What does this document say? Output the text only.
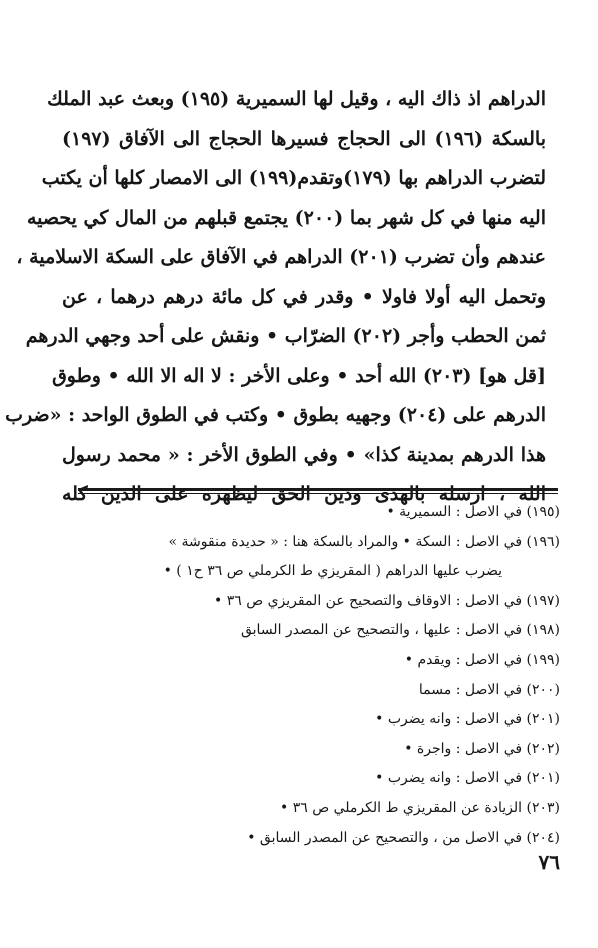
الدراهم اذ ذاك اليه ، وقيل لها السميرية (١٩٥) وبعث عبد الملك
بالسكة (١٩٦) الى الحجاج فسيرها الحجاج الى الآفاق (١٩٧)
لتضرب الدراهم بها (١٧٩)وتقدم(١٩٩) الى الامصار كلها أن يكتب
اليه منها في كل شهر بما (٢٠٠) يجتمع قبلهم من المال كي يحصيه
عندهم وأن تضرب (٢٠١) الدراهم في الآفاق على السكة الاسلامية ،
وتحمل اليه أولا فاولا • وقدر في كل مائة درهم درهما ، عن
ثمن الحطب وأجر (٢٠٢) الضرّاب • ونقش على أحد وجهي الدرهم
[قل هو] (٢٠٣) الله أحد • وعلى الأخر : لا اله الا الله • وطوق
الدرهم على (٢٠٤) وجهيه بطوق • وكتب في الطوق الواحد : «ضرب
هذا الدرهم بمدينة كذا» • وفي الطوق الأخر : « محمد رسول
الله ، ارسله بالهدى ودين الحق ليظهره على الدين كله
(١٩٥) في الاصل : السميرية •
(١٩٦) في الاصل : السكة • والمراد بالسكة هنا : « حديدة منقوشة »
يضرب عليها الدراهم ( المقريزي ط الكرملي ص ٣٦ ح١ ) •
(١٩٧) في الاصل : الاوقاف والتصحيح عن المقريزي ص ٣٦ •
(١٩٨) في الاصل : عليها ، والتصحيح عن المصدر السابق
(١٩٩) في الاصل : ويقدم •
(٢٠٠) في الاصل : مسما
(٢٠١) في الاصل : وانه يضرب •
(٢٠٢) في الاصل : واجرة •
(٢٠١) في الاصل : وانه يضرب •
(٢٠٣) الزيادة عن المقريزي ط الكرملي ص ٣٦ •
(٢٠٤) في الاصل من ، والتصحيح عن المصدر السابق •
٧٦
